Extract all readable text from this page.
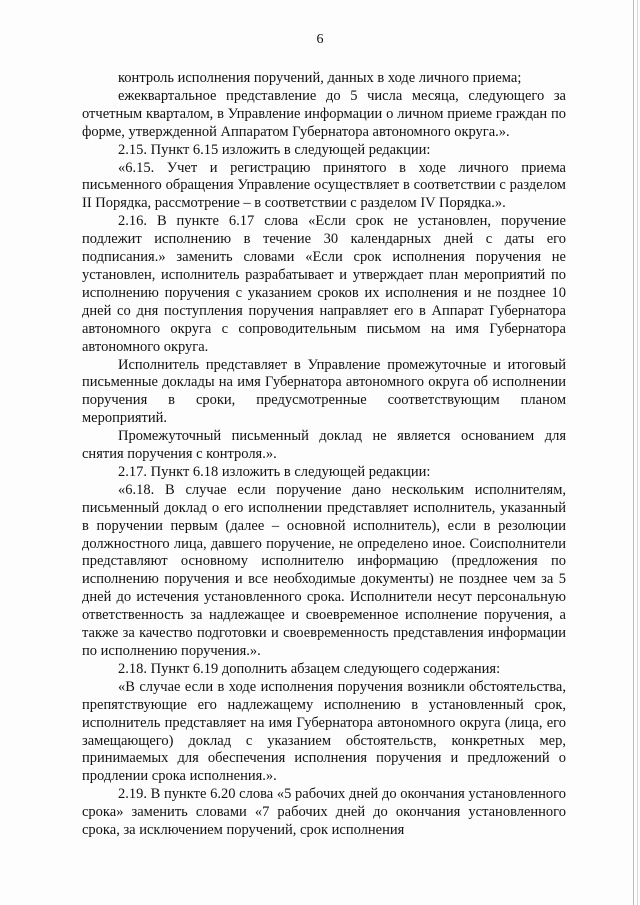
6

контроль исполнения поручений, данных в ходе личного приема;

ежеквартальное представление до 5 числа месяца, следующего за отчетным кварталом, в Управление информации о личном приеме граждан по форме, утвержденной Аппаратом Губернатора автономного округа.».

2.15. Пункт 6.15 изложить в следующей редакции:

«6.15. Учет и регистрацию принятого в ходе личного приема письменного обращения Управление осуществляет в соответствии с разделом II Порядка, рассмотрение – в соответствии с разделом IV Порядка.».

2.16. В пункте 6.17 слова «Если срок не установлен, поручение подлежит исполнению в течение 30 календарных дней с даты его подписания.» заменить словами «Если срок исполнения поручения не установлен, исполнитель разрабатывает и утверждает план мероприятий по исполнению поручения с указанием сроков их исполнения и не позднее 10 дней со дня поступления поручения направляет его в Аппарат Губернатора автономного округа с сопроводительным письмом на имя Губернатора автономного округа.

Исполнитель представляет в Управление промежуточные и итоговый письменные доклады на имя Губернатора автономного округа об исполнении поручения в сроки, предусмотренные соответствующим планом мероприятий.

Промежуточный письменный доклад не является основанием для снятия поручения с контроля.».

2.17. Пункт 6.18 изложить в следующей редакции:

«6.18. В случае если поручение дано нескольким исполнителям, письменный доклад о его исполнении представляет исполнитель, указанный в поручении первым (далее – основной исполнитель), если в резолюции должностного лица, давшего поручение, не определено иное. Соисполнители представляют основному исполнителю информацию (предложения по исполнению поручения и все необходимые документы) не позднее чем за 5 дней до истечения установленного срока. Исполнители несут персональную ответственность за надлежащее и своевременное исполнение поручения, а также за качество подготовки и своевременность представления информации по исполнению поручения.».

2.18. Пункт 6.19 дополнить абзацем следующего содержания:

«В случае если в ходе исполнения поручения возникли обстоятельства, препятствующие его надлежащему исполнению в установленный срок, исполнитель представляет на имя Губернатора автономного округа (лица, его замещающего) доклад с указанием обстоятельств, конкретных мер, принимаемых для обеспечения исполнения поручения и предложений о продлении срока исполнения.».

2.19. В пункте 6.20 слова «5 рабочих дней до окончания установленного срока» заменить словами «7 рабочих дней до окончания установленного срока, за исключением поручений, срок исполнения
